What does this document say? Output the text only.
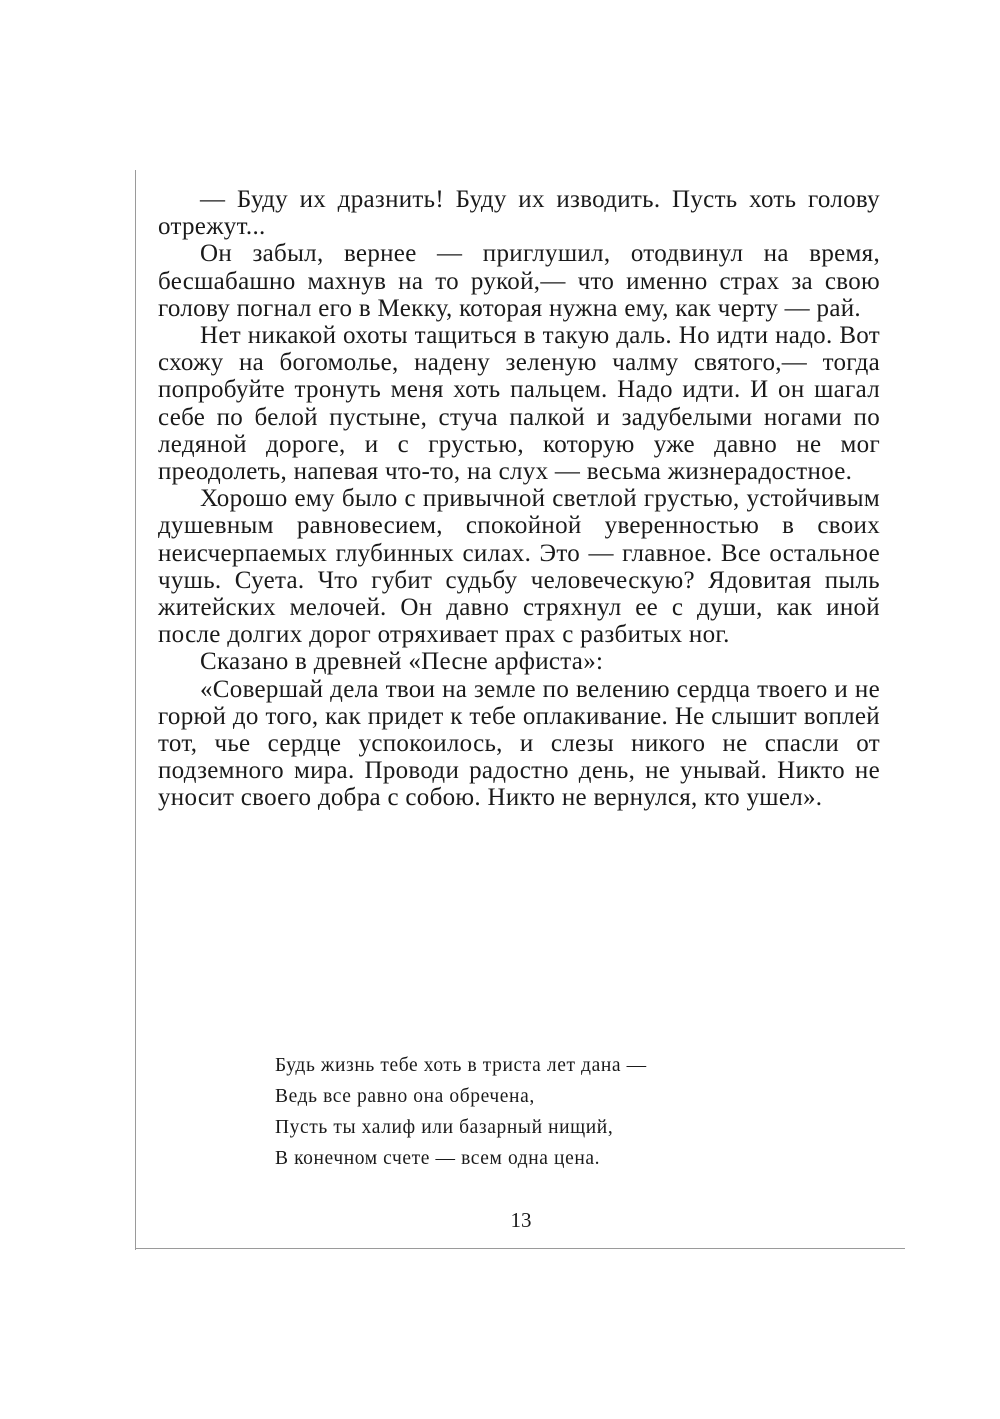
— Буду их дразнить! Буду их изводить. Пусть хоть голову отрежут...

Он забыл, вернее — приглушил, отодвинул на время, бесшабашно махнув на то рукой,— что именно страх за свою голову погнал его в Мекку, которая нужна ему, как черту — рай.

Нет никакой охоты тащиться в такую даль. Но идти надо. Вот схожу на богомолье, надену зеленую чалму святого,— тогда попробуйте тронуть меня хоть пальцем. Надо идти. И он шагал себе по белой пустыне, стуча палкой и задубелыми ногами по ледяной дороге, и с грустью, которую уже давно не мог преодолеть, напевая что-то, на слух — весьма жизнерадостное.

Хорошо ему было с привычной светлой грустью, устойчивым душевным равновесием, спокойной уверенностью в своих неисчерпаемых глубинных силах. Это — главное. Все остальное чушь. Суета. Что губит судьбу человеческую? Ядовитая пыль житейских мелочей. Он давно стряхнул ее с души, как иной после долгих дорог отряхивает прах с разбитых ног.

Сказано в древней «Песне арфиста»:

«Совершай дела твои на земле по велению сердца твоего и не горюй до того, как придет к тебе оплакивание. Не слышит воплей тот, чье сердце успокоилось, и слезы никого не спасли от подземного мира. Проводи радостно день, не унывай. Никто не уносит своего добра с собою. Никто не вернулся, кто ушел».

Будь жизнь тебе хоть в триста лет дана —
Ведь все равно она обречена,
Пусть ты халиф или базарный нищий,
В конечном счете — всем одна цена.
13
